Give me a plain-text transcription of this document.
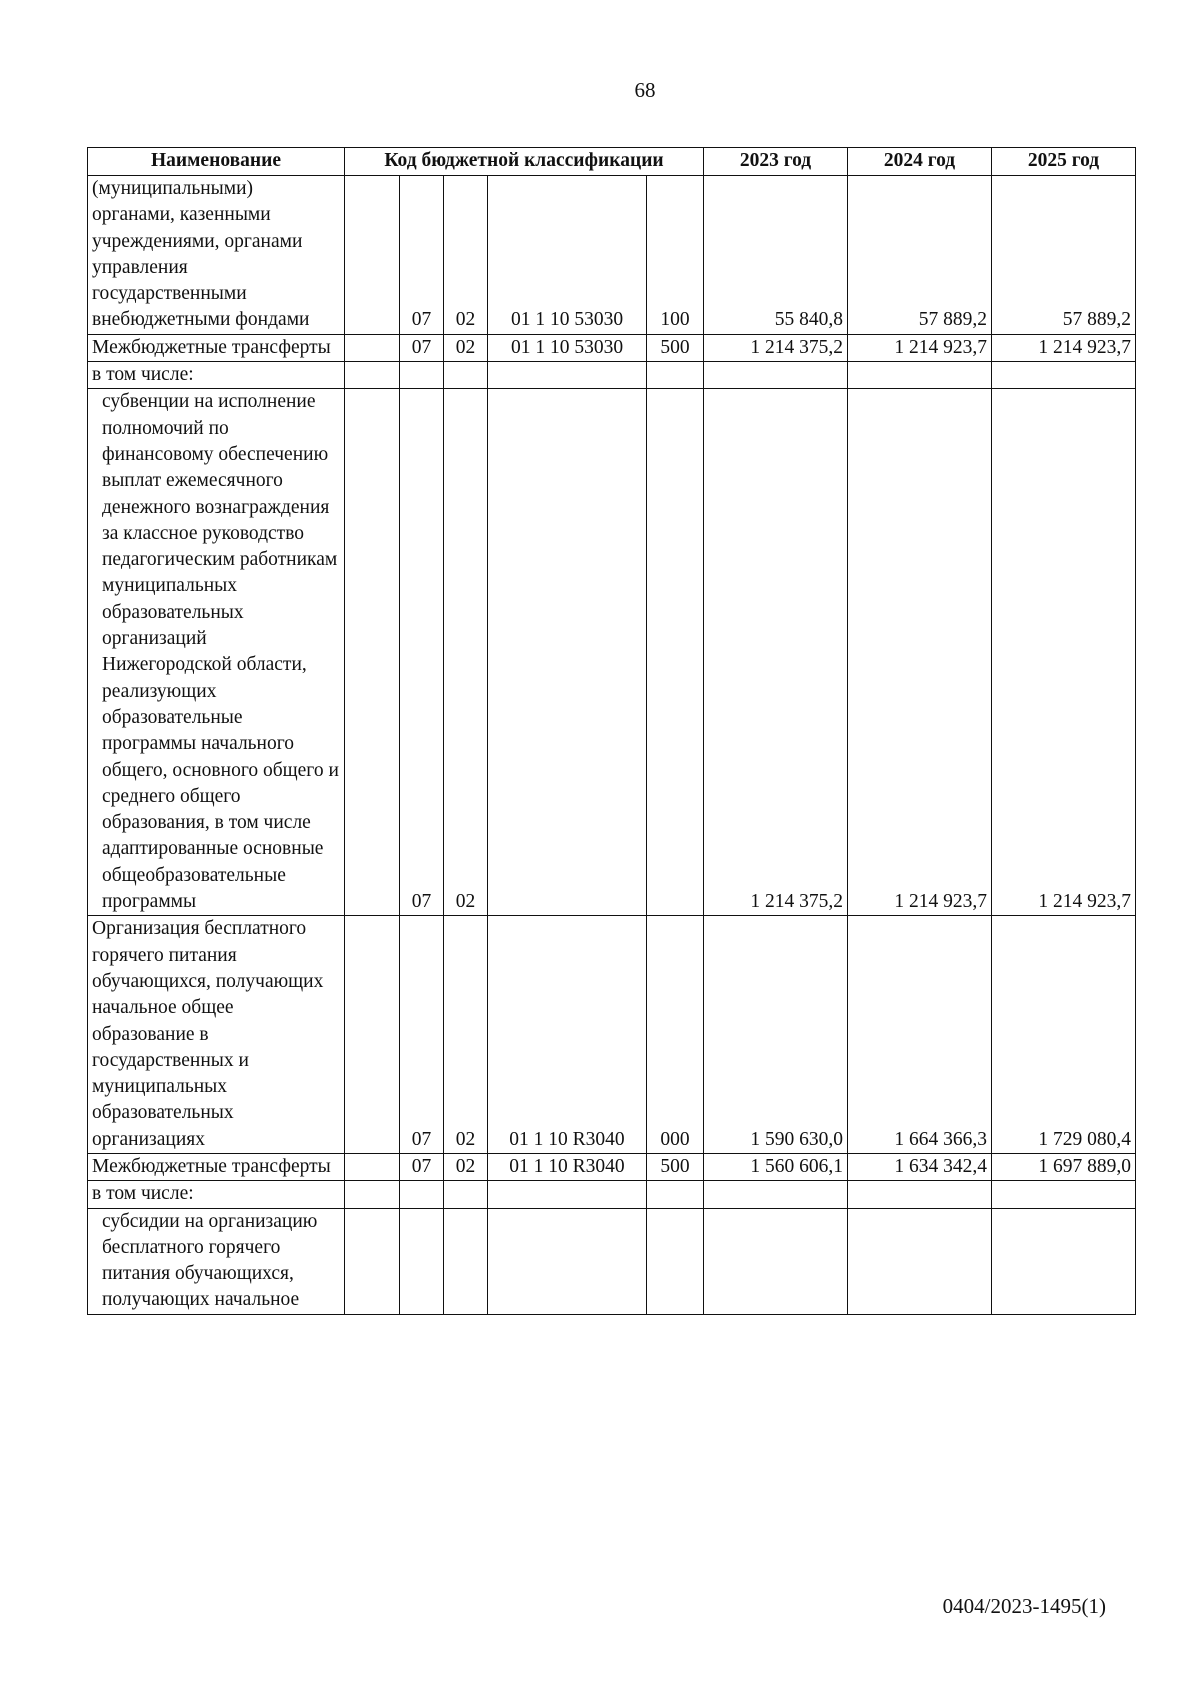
68
Наименование	Код бюджетной классификации					2023 год	2024 год	2025 год
(муниципальными) органами, казенными учреждениями, органами управления государственными внебюджетными фондами		07	02	01 1 10 53030	100	55 840,8	57 889,2	57 889,2
Межбюджетные трансферты		07	02	01 1 10 53030	500	1 214 375,2	1 214 923,7	1 214 923,7
в том числе:								
субвенции на исполнение полномочий по финансовому обеспечению выплат ежемесячного денежного вознаграждения за классное руководство педагогическим работникам муниципальных образовательных организаций Нижегородской области, реализующих образовательные программы начального общего, основного общего и среднего общего образования, в том числе адаптированные основные общеобразовательные программы		07	02			1 214 375,2	1 214 923,7	1 214 923,7
Организация бесплатного горячего питания обучающихся, получающих начальное общее образование в государственных и муниципальных образовательных организациях		07	02	01 1 10 R3040	000	1 590 630,0	1 664 366,3	1 729 080,4
Межбюджетные трансферты		07	02	01 1 10 R3040	500	1 560 606,1	1 634 342,4	1 697 889,0
в том числе:								
субсидии на организацию бесплатного горячего питания обучающихся, получающих начальное								
0404/2023-1495(1)
